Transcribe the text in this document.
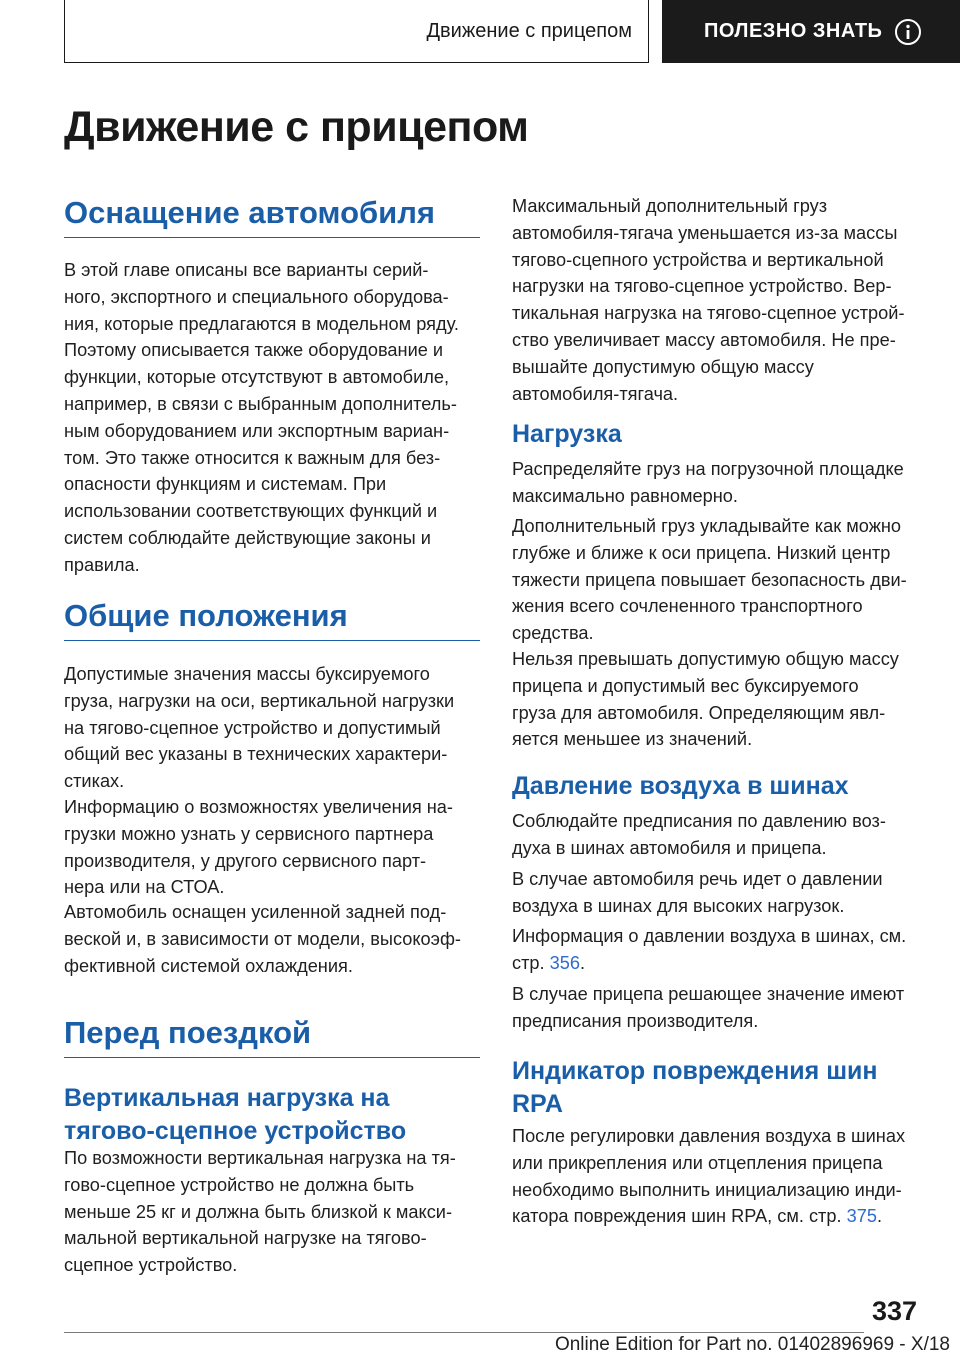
Движение с прицепом	ПОЛЕЗНО ЗНАТЬ
Движение с прицепом
Оснащение автомобиля

В этой главе описаны все варианты серий-
ного, экспортного и специального оборудова-
ния, которые предлагаются в модельном ряду.
Поэтому описывается также оборудование и
функции, которые отсутствуют в автомобиле,
например, в связи с выбранным дополнитель-
ным оборудованием или экспортным вариан-
том. Это также относится к важным для без-
опасности функциям и системам. При
использовании соответствующих функций и
систем соблюдайте действующие законы и
правила.

Общие положения

Допустимые значения массы буксируемого
груза, нагрузки на оси, вертикальной нагрузки
на тягово-сцепное устройство и допустимый
общий вес указаны в технических характери-
стиках.

Информацию о возможностях увеличения на-
грузки можно узнать у сервисного партнера
производителя, у другого сервисного парт-
нера или на СТОА.

Автомобиль оснащен усиленной задней под-
веской и, в зависимости от модели, высокоэф-
фективной системой охлаждения.

Перед поездкой
Вертикальная нагрузка на
тягово-сцепное устройство

По возможности вертикальная нагрузка на тя-
гово-сцепное устройство не должна быть
меньше 25 кг и должна быть близкой к макси-
мальной вертикальной нагрузке на тягово-
сцепное устройство.

Максимальный дополнительный груз
автомобиля-тягача уменьшается из-за массы
тягово-сцепного устройства и вертикальной
нагрузки на тягово-сцепное устройство. Вер-
тикальная нагрузка на тягово-сцепное устрой-
ство увеличивает массу автомобиля. Не пре-
вышайте допустимую общую массу
автомобиля-тягача.

Нагрузка

Распределяйте груз на погрузочной площадке
максимально равномерно.

Дополнительный груз укладывайте как можно
глубже и ближе к оси прицепа. Низкий центр
тяжести прицепа повышает безопасность дви-
жения всего сочлененного транспортного
средства.

Нельзя превышать допустимую общую массу
прицепа и допустимый вес буксируемого
груза для автомобиля. Определяющим явл-
яется меньшее из значений.

Давление воздуха в шинах

Соблюдайте предписания по давлению воз-
духа в шинах автомобиля и прицепа.

В случае автомобиля речь идет о давлении
воздуха в шинах для высоких нагрузок.

Информация о давлении воздуха в шинах, см.
стр. 356.

В случае прицепа решающее значение имеют
предписания производителя.

Индикатор повреждения шин
RPA

После регулировки давления воздуха в шинах
или прикрепления или отцепления прицепа
необходимо выполнить инициализацию инди-
катора повреждения шин RPA, см. стр. 375.

337
Online Edition for Part no. 01402896969 - X/18
